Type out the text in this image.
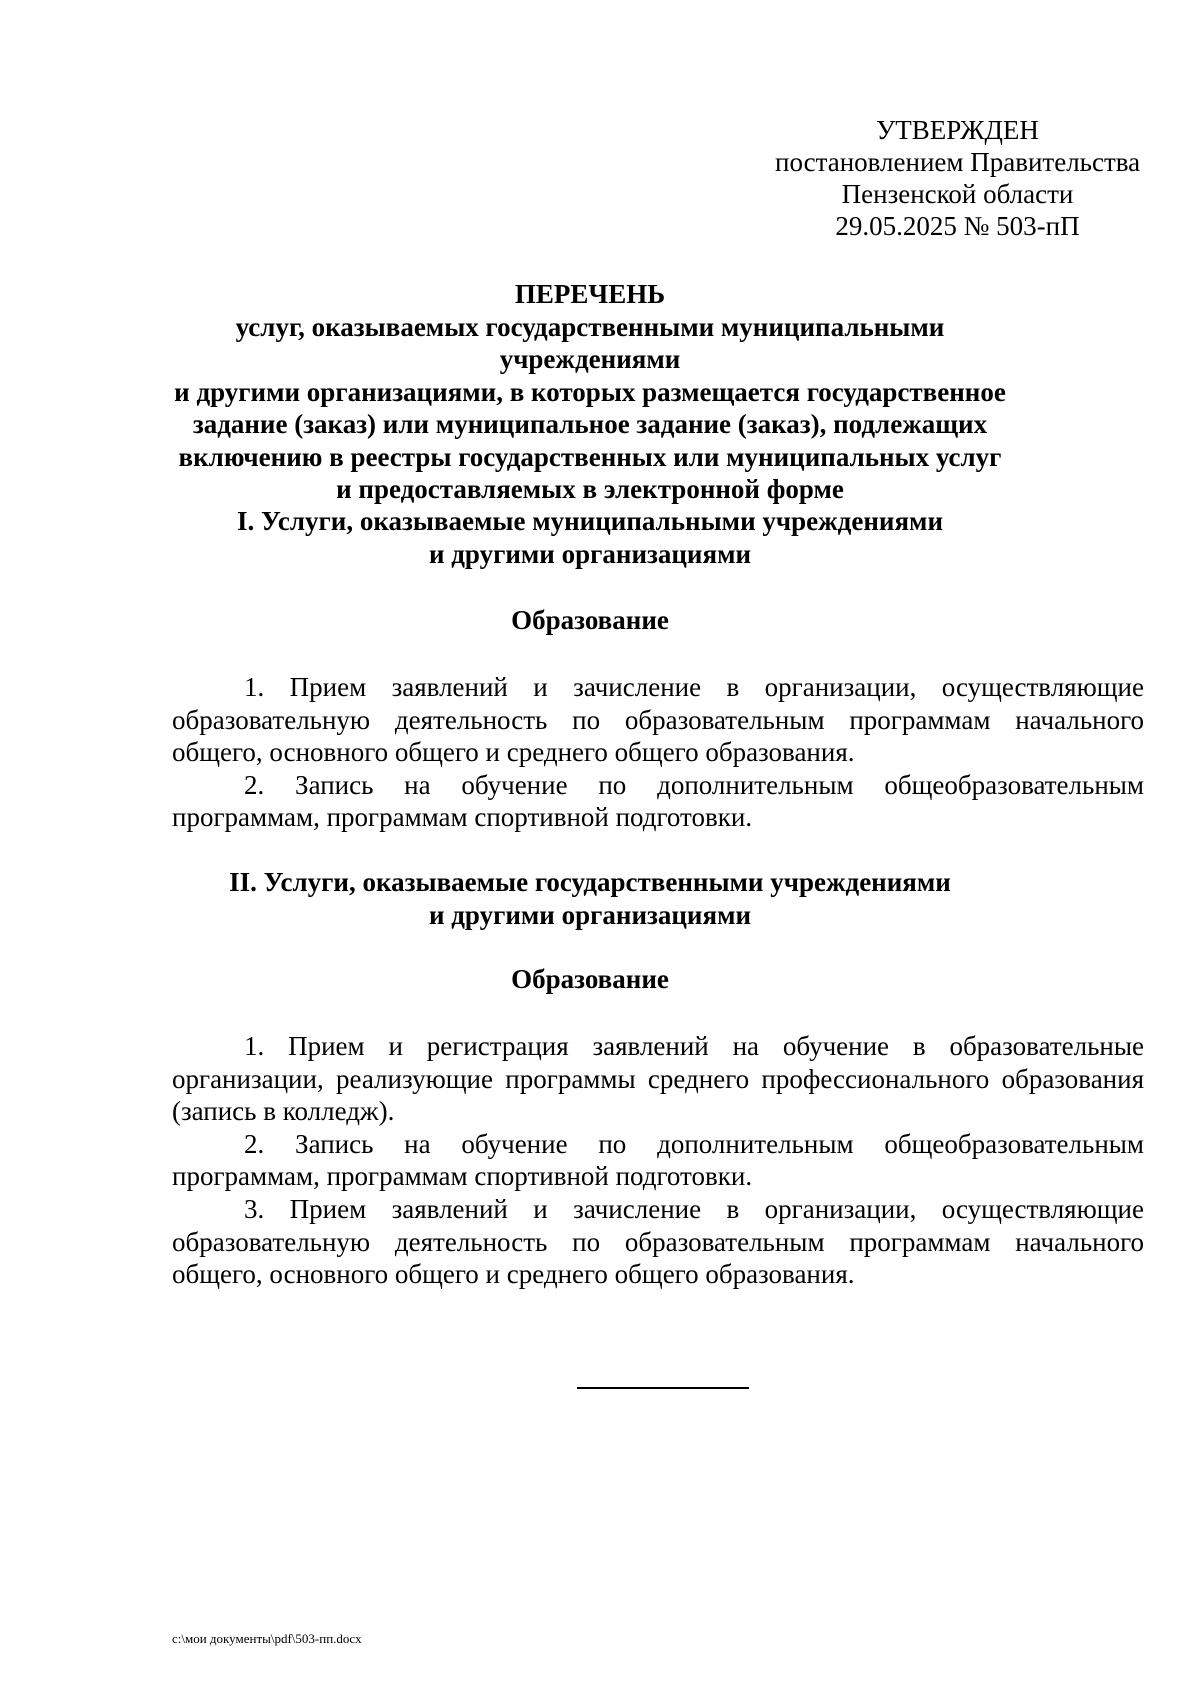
УТВЕРЖДЕН
постановлением Правительства
Пензенской области
29.05.2025 № 503-пП
ПЕРЕЧЕНЬ
услуг, оказываемых государственными муниципальными учреждениями
и другими организациями, в которых размещается государственное
задание (заказ) или муниципальное задание (заказ), подлежащих
включению в реестры государственных или муниципальных услуг
и предоставляемых в электронной форме
I. Услуги, оказываемые муниципальными учреждениями
и другими организациями
Образование

1. Прием заявлений и зачисление в организации, осуществляющие образовательную деятельность по образовательным программам начального общего, основного общего и среднего общего образования.

2. Запись на обучение по дополнительным общеобразовательным программам, программам спортивной подготовки.

II. Услуги, оказываемые государственными учреждениями
и другими организациями
Образование

1. Прием и регистрация заявлений на обучение в образовательные организации, реализующие программы среднего профессионального образования (запись в колледж).

2. Запись на обучение по дополнительным общеобразовательным программам, программам спортивной подготовки.

3. Прием заявлений и зачисление в организации, осуществляющие образовательную деятельность по образовательным программам начального общего, основного общего и среднего общего образования.

c:\мои документы\pdf\503-пп.docx
